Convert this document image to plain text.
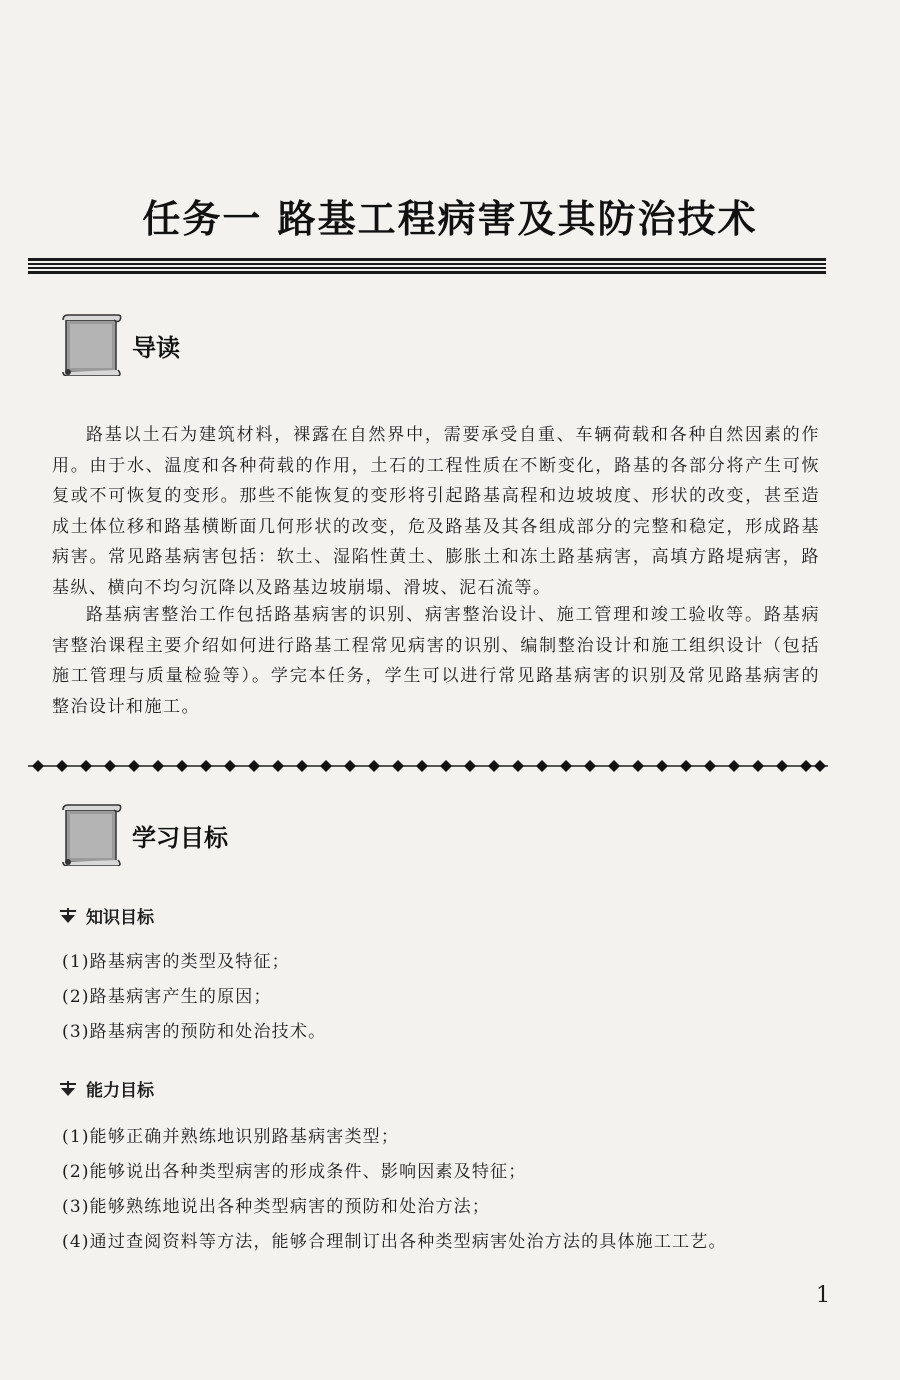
任务一 路基工程病害及其防治技术
导读

路基以土石为建筑材料，裸露在自然界中，需要承受自重、车辆荷载和各种自然因素的作用。由于水、温度和各种荷载的作用，土石的工程性质在不断变化，路基的各部分将产生可恢复或不可恢复的变形。那些不能恢复的变形将引起路基高程和边坡坡度、形状的改变，甚至造成土体位移和路基横断面几何形状的改变，危及路基及其各组成部分的完整和稳定，形成路基病害。常见路基病害包括：软土、湿陷性黄土、膨胀土和冻土路基病害，高填方路堤病害，路基纵、横向不均匀沉降以及路基边坡崩塌、滑坡、泥石流等。

路基病害整治工作包括路基病害的识别、病害整治设计、施工管理和竣工验收等。路基病害整治课程主要介绍如何进行路基工程常见病害的识别、编制整治设计和施工组织设计（包括施工管理与质量检验等）。学完本任务，学生可以进行常见路基病害的识别及常见路基病害的整治设计和施工。

学习目标
知识目标
(1)路基病害的类型及特征；
(2)路基病害产生的原因；
(3)路基病害的预防和处治技术。
能力目标
(1)能够正确并熟练地识别路基病害类型；
(2)能够说出各种类型病害的形成条件、影响因素及特征；
(3)能够熟练地说出各种类型病害的预防和处治方法；
(4)通过查阅资料等方法，能够合理制订出各种类型病害处治方法的具体施工工艺。
1
